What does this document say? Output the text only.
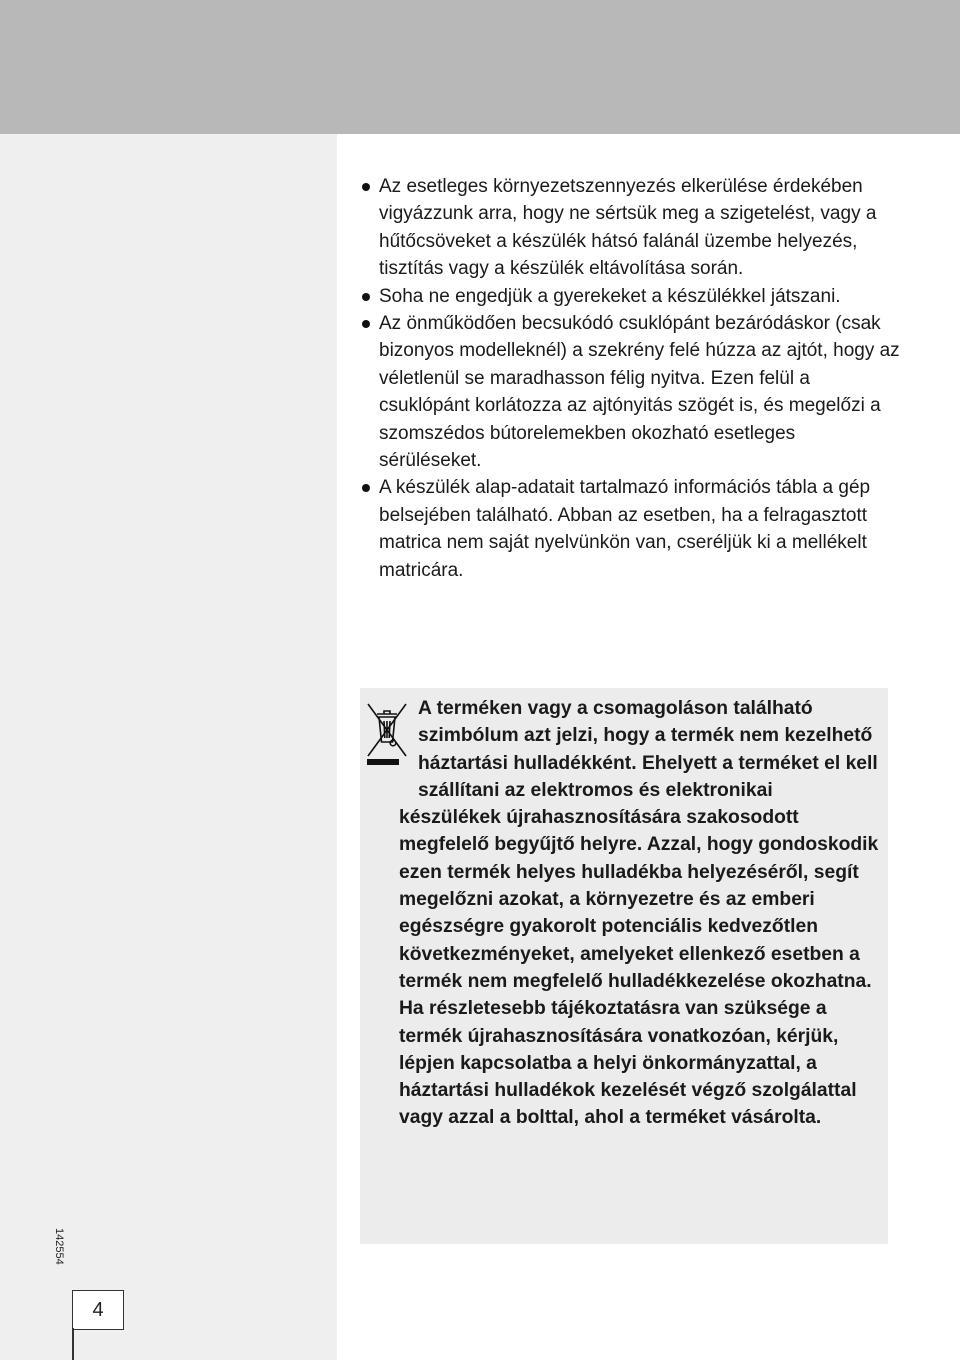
142554
4
Az esetleges környezetszennyezés elkerülése érdekében vigyázzunk arra, hogy ne sértsük meg a szigetelést, vagy a hűtőcsöveket a készülék hátsó falánál üzembe helyezés, tisztítás vagy a készülék eltávolítása során.
Soha ne engedjük a gyerekeket a készülékkel játszani.
Az önműködően becsukódó csuklópánt bezáródáskor (csak bizonyos modelleknél) a szekrény felé húzza az ajtót, hogy az véletlenül se maradhasson félig nyitva. Ezen felül a csuklópánt korlátozza az ajtónyitás szögét is, és megelőzi a szomszédos bútorelemekben okozható esetleges sérüléseket.
A készülék alap-adatait tartalmazó információs tábla a gép belsejében található. Abban az esetben, ha a felragasztott matrica nem saját nyelvünkön van, cseréljük ki a mellékelt matricára.
A terméken vagy a csomagoláson található szimbólum azt jelzi, hogy a termék nem kezelhető háztartási hulladékként. Ehelyett a terméket el kell szállítani az elektromos és elektronikai készülékek újrahasznosítására szakosodott megfelelő begyűjtő helyre. Azzal, hogy gondoskodik ezen termék helyes hulladékba helyezéséről, segít megelőzni azokat, a környezetre és az emberi egészségre gyakorolt potenciális kedvezőtlen következményeket, amelyeket ellenkező esetben a termék nem megfelelő hulladékkezelése okozhatna. Ha részletesebb tájékoztatásra van szüksége a termék újrahasznosítására vonatkozóan, kérjük, lépjen kapcsolatba a helyi önkormányzattal, a háztartási hulladékok kezelését végző szolgálattal vagy azzal a bolttal, ahol a terméket vásárolta.
